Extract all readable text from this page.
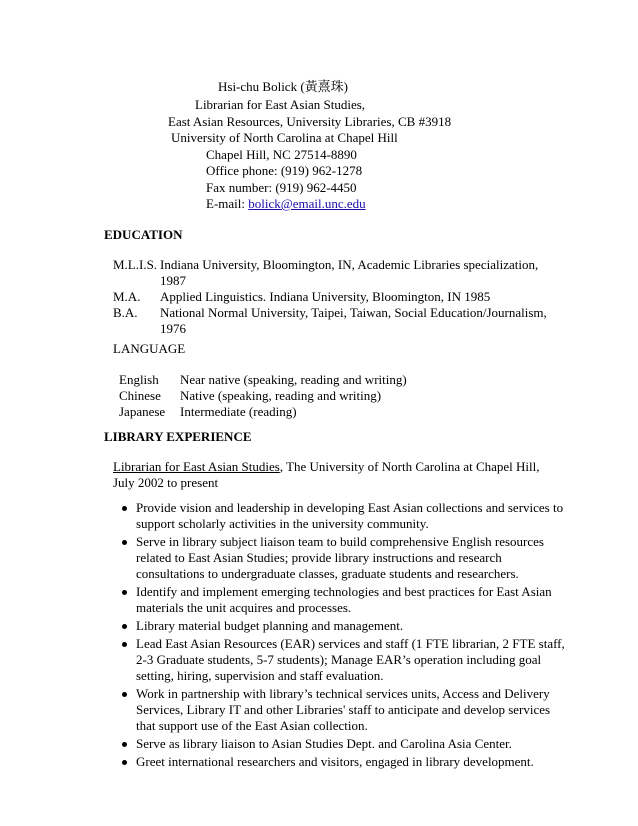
Hsi-chu Bolick (黃熹珠)
Librarian for East Asian Studies,
East Asian Resources, University Libraries, CB #3918
University of North Carolina at Chapel Hill
Chapel Hill, NC 27514-8890
Office phone: (919) 962-1278
Fax number: (919) 962-4450
E-mail: bolick@email.unc.edu
EDUCATION
M.L.I.S. Indiana University, Bloomington, IN, Academic Libraries specialization,
1987
M.A. Applied Linguistics. Indiana University, Bloomington, IN 1985
B.A. National Normal University, Taipei, Taiwan, Social Education/Journalism,
1976
LANGUAGE
English Near native (speaking, reading and writing)
Chinese Native (speaking, reading and writing)
Japanese Intermediate (reading)
LIBRARY EXPERIENCE
Librarian for East Asian Studies, The University of North Carolina at Chapel Hill,
July 2002 to present
Provide vision and leadership in developing East Asian collections and services to support scholarly activities in the university community.
Serve in library subject liaison team to build comprehensive English resources related to East Asian Studies; provide library instructions and research consultations to undergraduate classes, graduate students and researchers.
Identify and implement emerging technologies and best practices for East Asian materials the unit acquires and processes.
Library material budget planning and management.
Lead East Asian Resources (EAR) services and staff (1 FTE librarian, 2 FTE staff, 2-3 Graduate students, 5-7 students); Manage EAR’s operation including goal setting, hiring, supervision and staff evaluation.
Work in partnership with library’s technical services units, Access and Delivery Services, Library IT and other Libraries' staff to anticipate and develop services that support use of the East Asian collection.
Serve as library liaison to Asian Studies Dept. and Carolina Asia Center.
Greet international researchers and visitors, engaged in library development.
